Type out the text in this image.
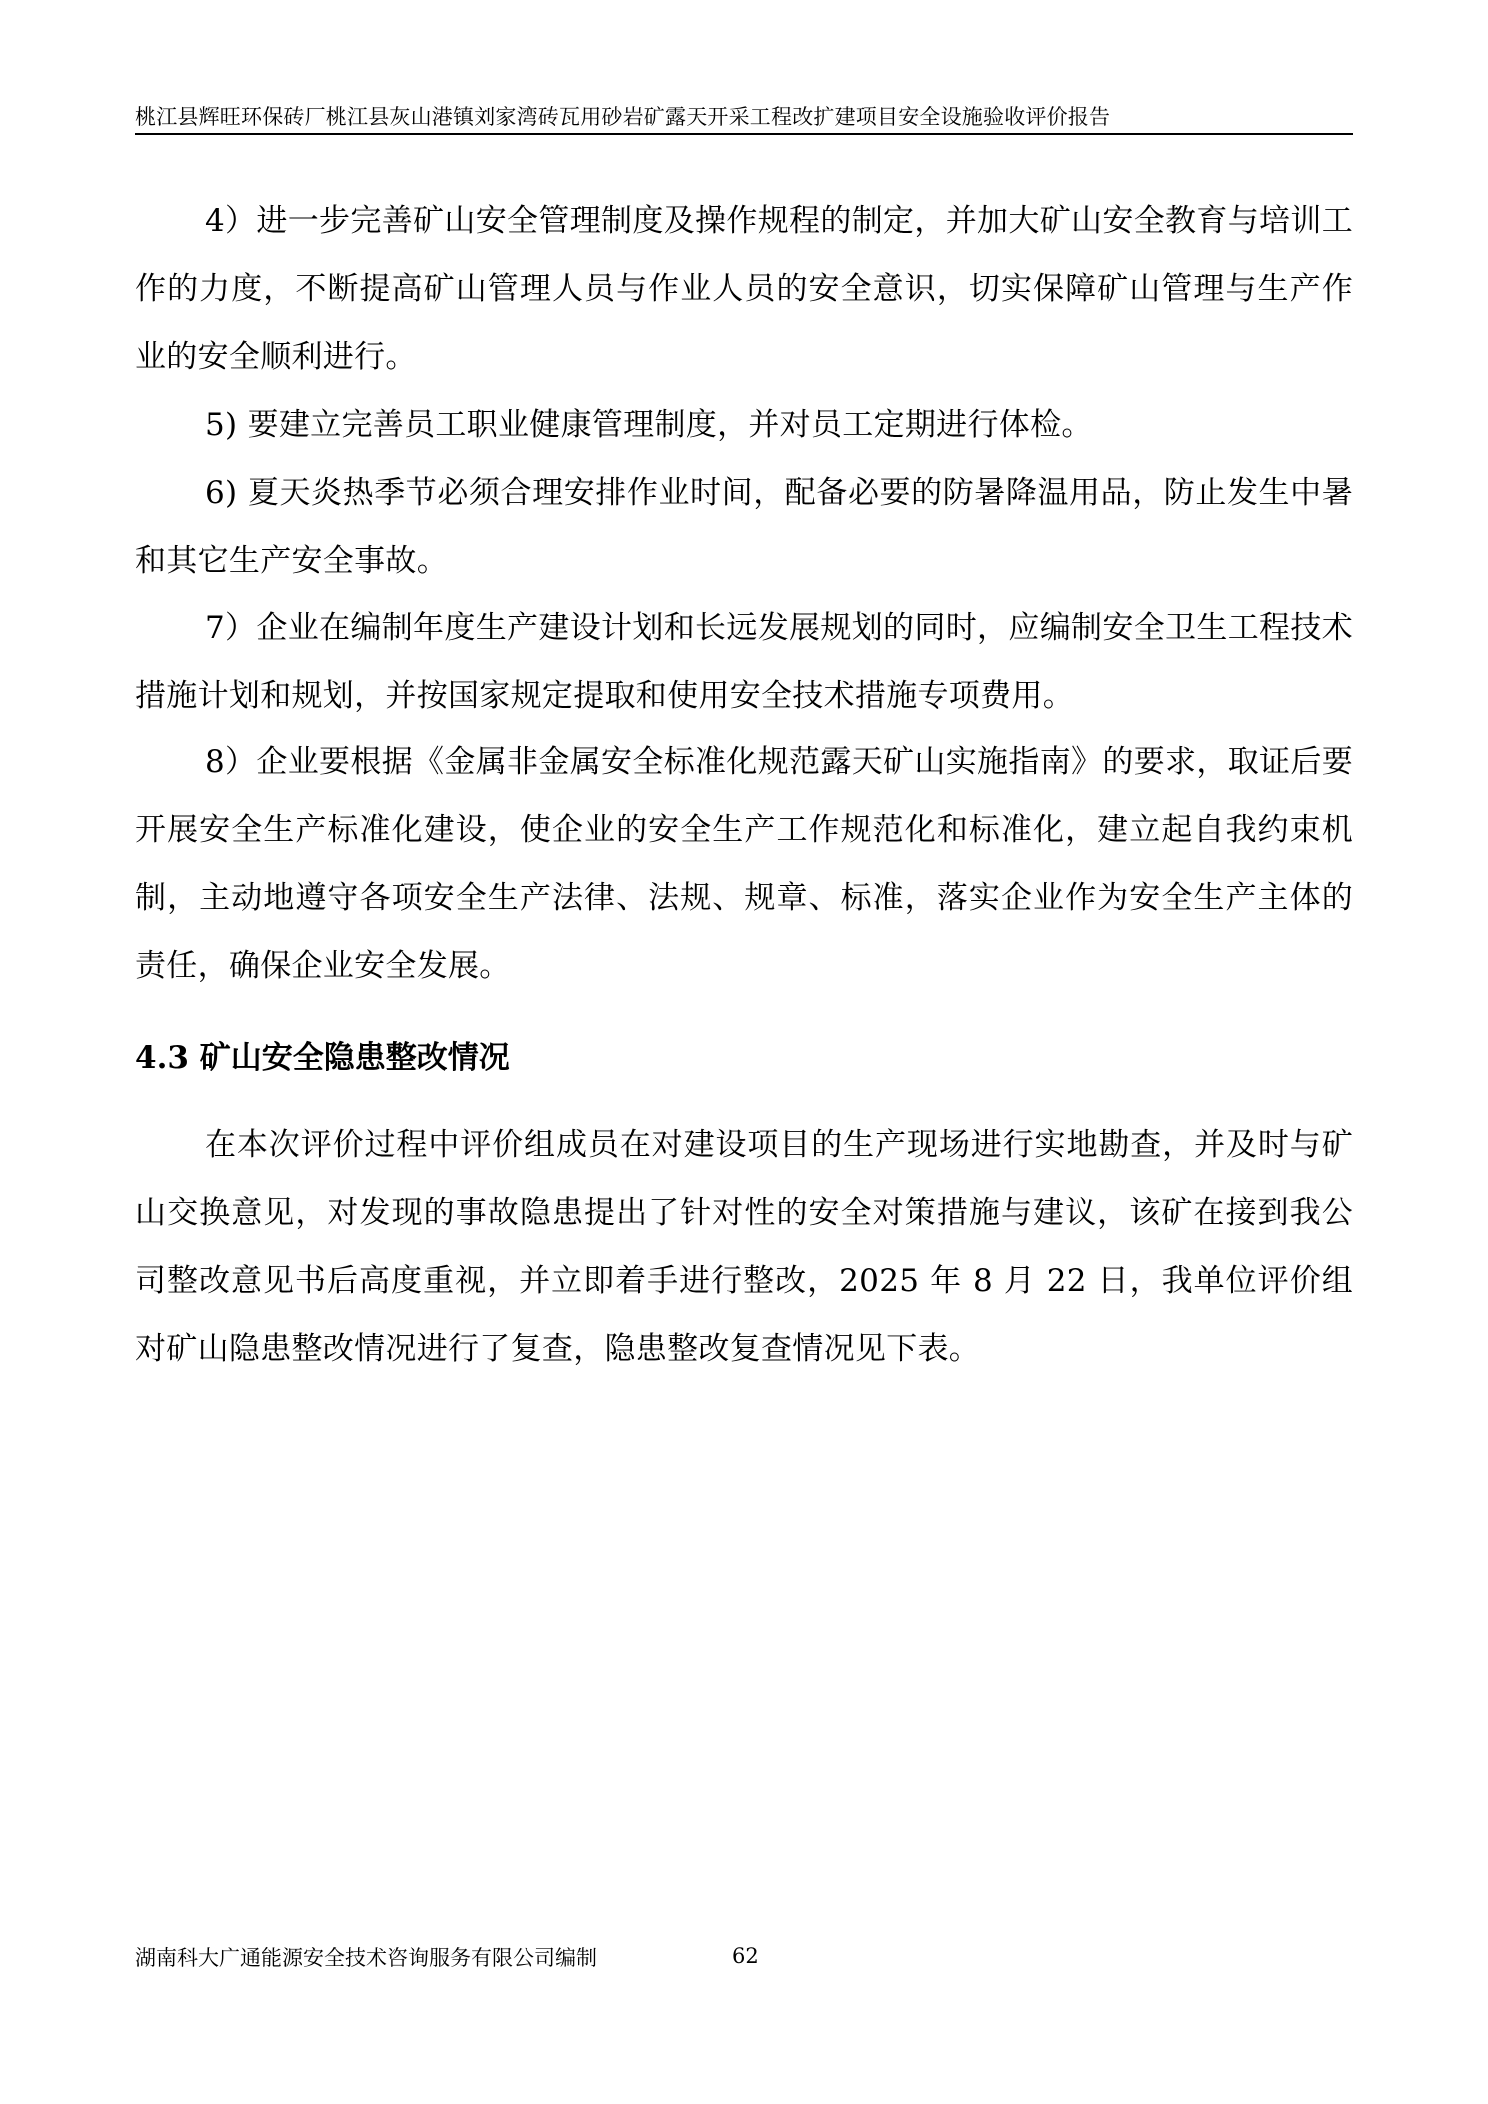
桃江县辉旺环保砖厂桃江县灰山港镇刘家湾砖瓦用砂岩矿露天开采工程改扩建项目安全设施验收评价报告

4）进一步完善矿山安全管理制度及操作规程的制定，并加大矿山安全教育与培训工作的力度，不断提高矿山管理人员与作业人员的安全意识，切实保障矿山管理与生产作业的安全顺利进行。

5) 要建立完善员工职业健康管理制度，并对员工定期进行体检。

6) 夏天炎热季节必须合理安排作业时间，配备必要的防暑降温用品，防止发生中暑和其它生产安全事故。

7）企业在编制年度生产建设计划和长远发展规划的同时，应编制安全卫生工程技术措施计划和规划，并按国家规定提取和使用安全技术措施专项费用。

8）企业要根据《金属非金属安全标准化规范露天矿山实施指南》的要求，取证后要开展安全生产标准化建设，使企业的安全生产工作规范化和标准化，建立起自我约束机制，主动地遵守各项安全生产法律、法规、规章、标准，落实企业作为安全生产主体的责任，确保企业安全发展。

4.3 矿山安全隐患整改情况

在本次评价过程中评价组成员在对建设项目的生产现场进行实地勘查，并及时与矿山交换意见，对发现的事故隐患提出了针对性的安全对策措施与建议，该矿在接到我公司整改意见书后高度重视，并立即着手进行整改，2025 年 8 月 22 日，我单位评价组对矿山隐患整改情况进行了复查，隐患整改复查情况见下表。

湖南科大广通能源安全技术咨询服务有限公司编制	62
